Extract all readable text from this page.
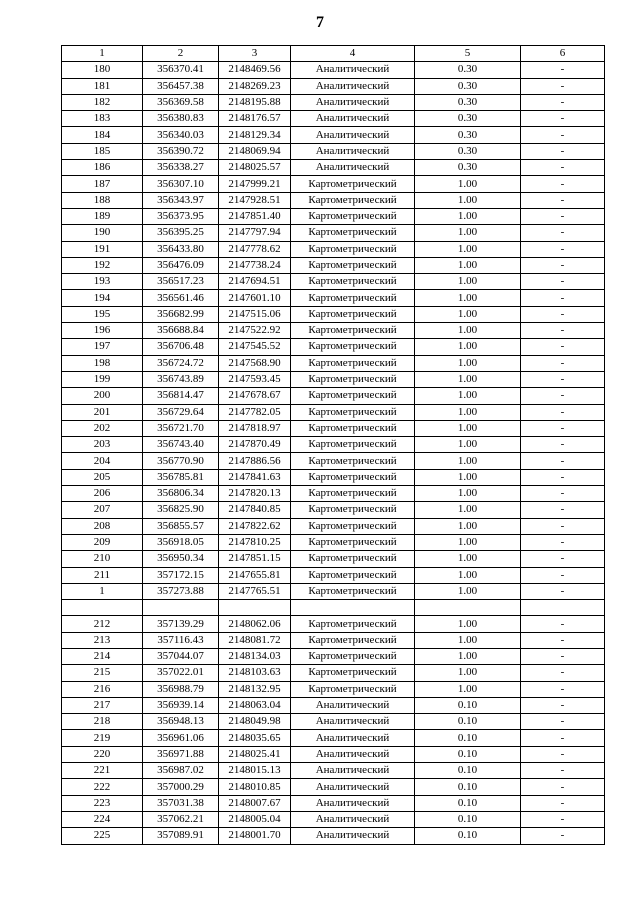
7
1	2	3	4	5	6
180	356370.41	2148469.56	Аналитический	0.30	-
181	356457.38	2148269.23	Аналитический	0.30	-
182	356369.58	2148195.88	Аналитический	0.30	-
183	356380.83	2148176.57	Аналитический	0.30	-
184	356340.03	2148129.34	Аналитический	0.30	-
185	356390.72	2148069.94	Аналитический	0.30	-
186	356338.27	2148025.57	Аналитический	0.30	-
187	356307.10	2147999.21	Картометрический	1.00	-
188	356343.97	2147928.51	Картометрический	1.00	-
189	356373.95	2147851.40	Картометрический	1.00	-
190	356395.25	2147797.94	Картометрический	1.00	-
191	356433.80	2147778.62	Картометрический	1.00	-
192	356476.09	2147738.24	Картометрический	1.00	-
193	356517.23	2147694.51	Картометрический	1.00	-
194	356561.46	2147601.10	Картометрический	1.00	-
195	356682.99	2147515.06	Картометрический	1.00	-
196	356688.84	2147522.92	Картометрический	1.00	-
197	356706.48	2147545.52	Картометрический	1.00	-
198	356724.72	2147568.90	Картометрический	1.00	-
199	356743.89	2147593.45	Картометрический	1.00	-
200	356814.47	2147678.67	Картометрический	1.00	-
201	356729.64	2147782.05	Картометрический	1.00	-
202	356721.70	2147818.97	Картометрический	1.00	-
203	356743.40	2147870.49	Картометрический	1.00	-
204	356770.90	2147886.56	Картометрический	1.00	-
205	356785.81	2147841.63	Картометрический	1.00	-
206	356806.34	2147820.13	Картометрический	1.00	-
207	356825.90	2147840.85	Картометрический	1.00	-
208	356855.57	2147822.62	Картометрический	1.00	-
209	356918.05	2147810.25	Картометрический	1.00	-
210	356950.34	2147851.15	Картометрический	1.00	-
211	357172.15	2147655.81	Картометрический	1.00	-
1	357273.88	2147765.51	Картометрический	1.00	-

212	357139.29	2148062.06	Картометрический	1.00	-
213	357116.43	2148081.72	Картометрический	1.00	-
214	357044.07	2148134.03	Картометрический	1.00	-
215	357022.01	2148103.63	Картометрический	1.00	-
216	356988.79	2148132.95	Картометрический	1.00	-
217	356939.14	2148063.04	Аналитический	0.10	-
218	356948.13	2148049.98	Аналитический	0.10	-
219	356961.06	2148035.65	Аналитический	0.10	-
220	356971.88	2148025.41	Аналитический	0.10	-
221	356987.02	2148015.13	Аналитический	0.10	-
222	357000.29	2148010.85	Аналитический	0.10	-
223	357031.38	2148007.67	Аналитический	0.10	-
224	357062.21	2148005.04	Аналитический	0.10	-
225	357089.91	2148001.70	Аналитический	0.10	-
